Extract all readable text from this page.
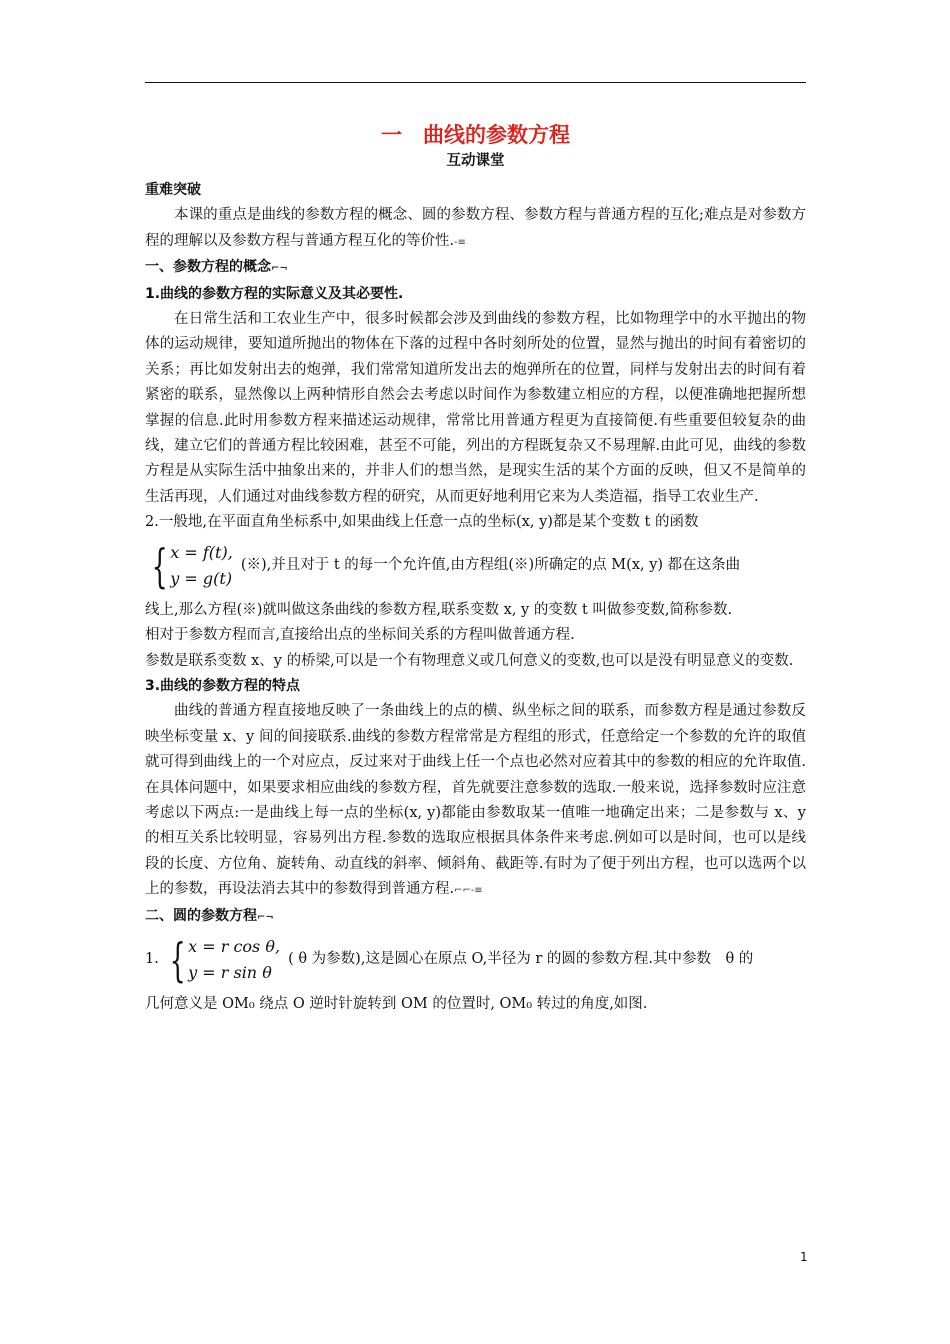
一　曲线的参数方程
互动课堂
重难突破

本课的重点是曲线的参数方程的概念、圆的参数方程、参数方程与普通方程的互化;难点是对参数方程的理解以及参数方程与普通方程互化的等价性.-≡

一、参数方程的概念⌐¬
1.曲线的参数方程的实际意义及其必要性.

在日常生活和工农业生产中，很多时候都会涉及到曲线的参数方程，比如物理学中的水平抛出的物体的运动规律，要知道所抛出的物体在下落的过程中各时刻所处的位置，显然与抛出的时间有着密切的关系；再比如发射出去的炮弹，我们常常知道所发出去的炮弹所在的位置，同样与发射出去的时间有着紧密的联系，显然像以上两种情形自然会去考虑以时间作为参数建立相应的方程，以便准确地把握所想掌握的信息.此时用参数方程来描述运动规律，常常比用普通方程更为直接简便.有些重要但较复杂的曲线，建立它们的普通方程比较困难，甚至不可能，列出的方程既复杂又不易理解.由此可见，曲线的参数方程是从实际生活中抽象出来的，并非人们的想当然，是现实生活的某个方面的反映，但又不是简单的生活再现，人们通过对曲线参数方程的研究，从而更好地利用它来为人类造福，指导工农业生产.

2.一般地,在平面直角坐标系中,如果曲线上任意一点的坐标(x, y)都是某个变数 t 的函数

{ x = f(t),
y = g(t)
(※),并且对于 t 的每一个允许值,由方程组(※)所确定的点 M(x, y) 都在这条曲

线上,那么方程(※)就叫做这条曲线的参数方程,联系变数 x, y 的变数 t 叫做参变数,简称参数.

相对于参数方程而言,直接给出点的坐标间关系的方程叫做普通方程.

参数是联系变数 x、y 的桥梁,可以是一个有物理意义或几何意义的变数,也可以是没有明显意义的变数.

3.曲线的参数方程的特点

曲线的普通方程直接地反映了一条曲线上的点的横、纵坐标之间的联系，而参数方程是通过参数反映坐标变量 x、y 间的间接联系.曲线的参数方程常常是方程组的形式，任意给定一个参数的允许的取值就可得到曲线上的一个对应点，反过来对于曲线上任一个点也必然对应着其中的参数的相应的允许取值.在具体问题中，如果要求相应曲线的参数方程，首先就要注意参数的选取.一般来说，选择参数时应注意考虑以下两点:一是曲线上每一点的坐标(x, y)都能由参数取某一值唯一地确定出来；二是参数与 x、y 的相互关系比较明显，容易列出方程.参数的选取应根据具体条件来考虑.例如可以是时间，也可以是线段的长度、方位角、旋转角、动直线的斜率、倾斜角、截距等.有时为了便于列出方程，也可以选两个以上的参数，再设法消去其中的参数得到普通方程.⌐⌐-≡

二、圆的参数方程⌐¬
1. { x = r cos θ,
y = r sin θ
( θ 为参数),这是圆心在原点 O,半径为 r 的圆的参数方程.其中参数　θ 的

几何意义是 OM₀ 绕点 O 逆时针旋转到 OM 的位置时, OM₀ 转过的角度,如图.

1
